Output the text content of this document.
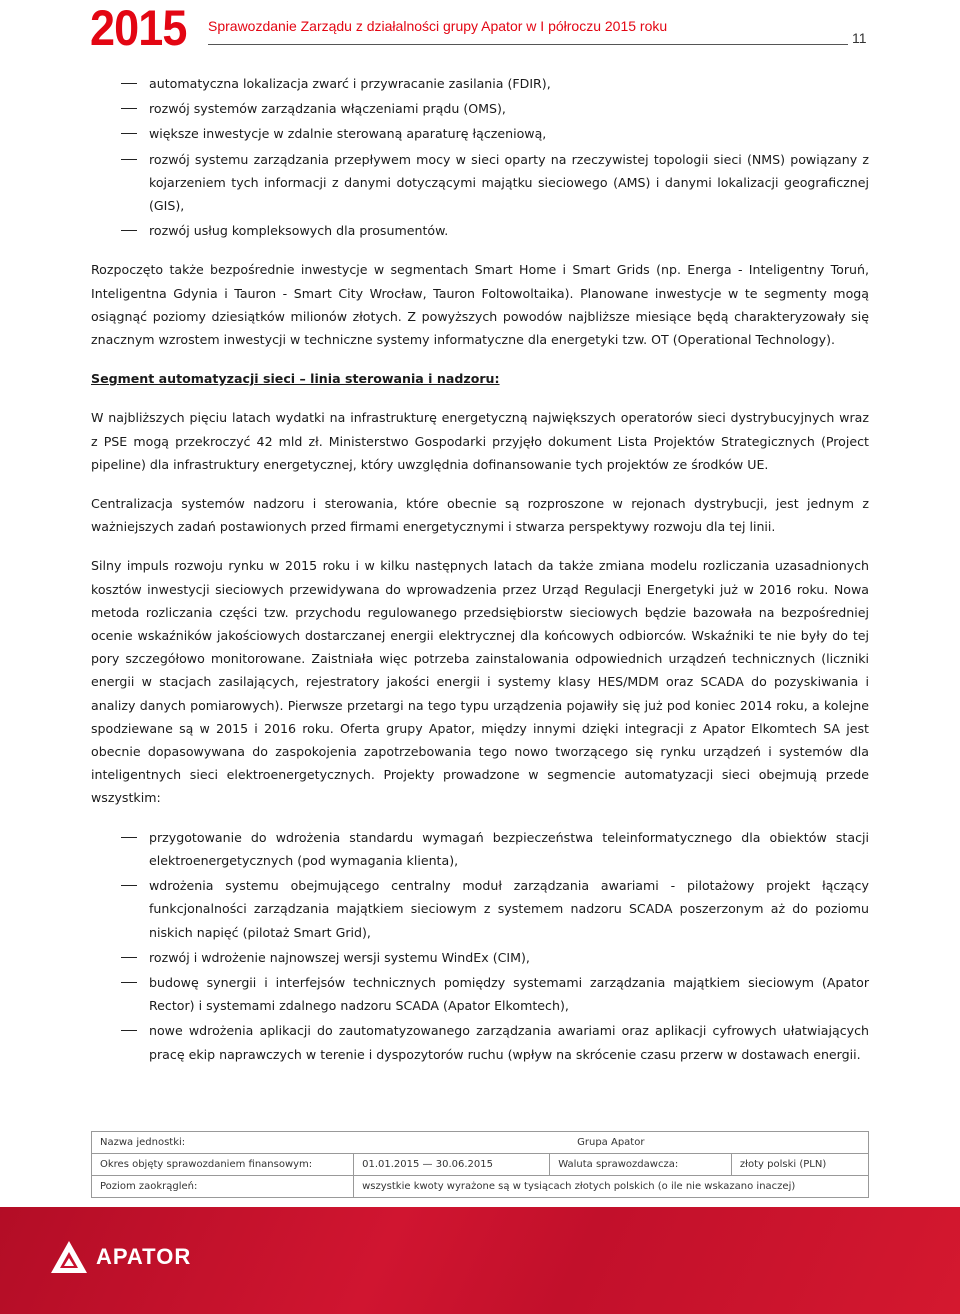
2015 Sprawozdanie Zarządu z działalności grupy Apator w I półroczu 2015 roku
11
automatyczna lokalizacja zwarć i przywracanie zasilania (FDIR),
rozwój systemów zarządzania włączeniami prądu (OMS),
większe inwestycje w zdalnie sterowaną aparaturę łączeniową,
rozwój systemu zarządzania przepływem mocy w sieci oparty na rzeczywistej topologii sieci (NMS) powiązany z kojarzeniem tych informacji z danymi dotyczącymi majątku sieciowego (AMS) i danymi lokalizacji geograficznej (GIS),
rozwój usług kompleksowych dla prosumentów.

Rozpoczęto także bezpośrednie inwestycje w segmentach Smart Home i Smart Grids (np. Energa - Inteligentny Toruń, Inteligentna Gdynia i Tauron - Smart City Wrocław, Tauron Foltowoltaika). Planowane inwestycje w te segmenty mogą osiągnąć poziomy dziesiątków milionów złotych. Z powyższych powodów najbliższe miesiące będą charakteryzowały się znacznym wzrostem inwestycji w techniczne systemy informatyczne dla energetyki tzw. OT (Operational Technology).

Segment automatyzacji sieci – linia sterowania i nadzoru:

W najbliższych pięciu latach wydatki na infrastrukturę energetyczną największych operatorów sieci dystrybucyjnych wraz z PSE mogą przekroczyć 42 mld zł. Ministerstwo Gospodarki przyjęło dokument Lista Projektów Strategicznych (Project pipeline) dla infrastruktury energetycznej, który uwzględnia dofinansowanie tych projektów ze środków UE.

Centralizacja systemów nadzoru i sterowania, które obecnie są rozproszone w rejonach dystrybucji, jest jednym z ważniejszych zadań postawionych przed firmami energetycznymi i stwarza perspektywy rozwoju dla tej linii.

Silny impuls rozwoju rynku w 2015 roku i w kilku następnych latach da także zmiana modelu rozliczania uzasadnionych kosztów inwestycji sieciowych przewidywana do wprowadzenia przez Urząd Regulacji Energetyki już w 2016 roku. Nowa metoda rozliczania części tzw. przychodu regulowanego przedsiębiorstw sieciowych będzie bazowała na bezpośredniej ocenie wskaźników jakościowych dostarczanej energii elektrycznej dla końcowych odbiorców. Wskaźniki te nie były do tej pory szczegółowo monitorowane. Zaistniała więc potrzeba zainstalowania odpowiednich urządzeń technicznych (liczniki energii w stacjach zasilających, rejestratory jakości energii i systemy klasy HES/MDM oraz SCADA do pozyskiwania i analizy danych pomiarowych). Pierwsze przetargi na tego typu urządzenia pojawiły się już pod koniec 2014 roku, a kolejne spodziewane są w 2015 i 2016 roku. Oferta grupy Apator, między innymi dzięki integracji z Apator Elkomtech SA jest obecnie dopasowywana do zaspokojenia zapotrzebowania tego nowo tworzącego się rynku urządzeń i systemów dla inteligentnych sieci elektroenergetycznych. Projekty prowadzone w segmencie automatyzacji sieci obejmują przede wszystkim:

przygotowanie do wdrożenia standardu wymagań bezpieczeństwa teleinformatycznego dla obiektów stacji elektroenergetycznych (pod wymagania klienta),
wdrożenia systemu obejmującego centralny moduł zarządzania awariami - pilotażowy projekt łączący funkcjonalności zarządzania majątkiem sieciowym z systemem nadzoru SCADA poszerzonym aż do poziomu niskich napięć (pilotaż Smart Grid),
rozwój i wdrożenie najnowszej wersji systemu WindEx (CIM),
budowę synergii i interfejsów technicznych pomiędzy systemami zarządzania majątkiem sieciowym (Apator Rector) i systemami zdalnego nadzoru SCADA (Apator Elkomtech),
nowe wdrożenia aplikacji do zautomatyzowanego zarządzania awariami oraz aplikacji cyfrowych ułatwiających pracę ekip naprawczych w terenie i dyspozytorów ruchu (wpływ na skrócenie czasu przerw w dostawach energii.
Nazwa jednostki:	Grupa Apator		
Okres objęty sprawozdaniem finansowym:	01.01.2015 — 30.06.2015	Waluta sprawozdawcza:	złoty polski (PLN)
Poziom zaokrągleń:	wszystkie kwoty wyrażone są w tysiącach złotych polskich (o ile nie wskazano inaczej)		
APATOR
